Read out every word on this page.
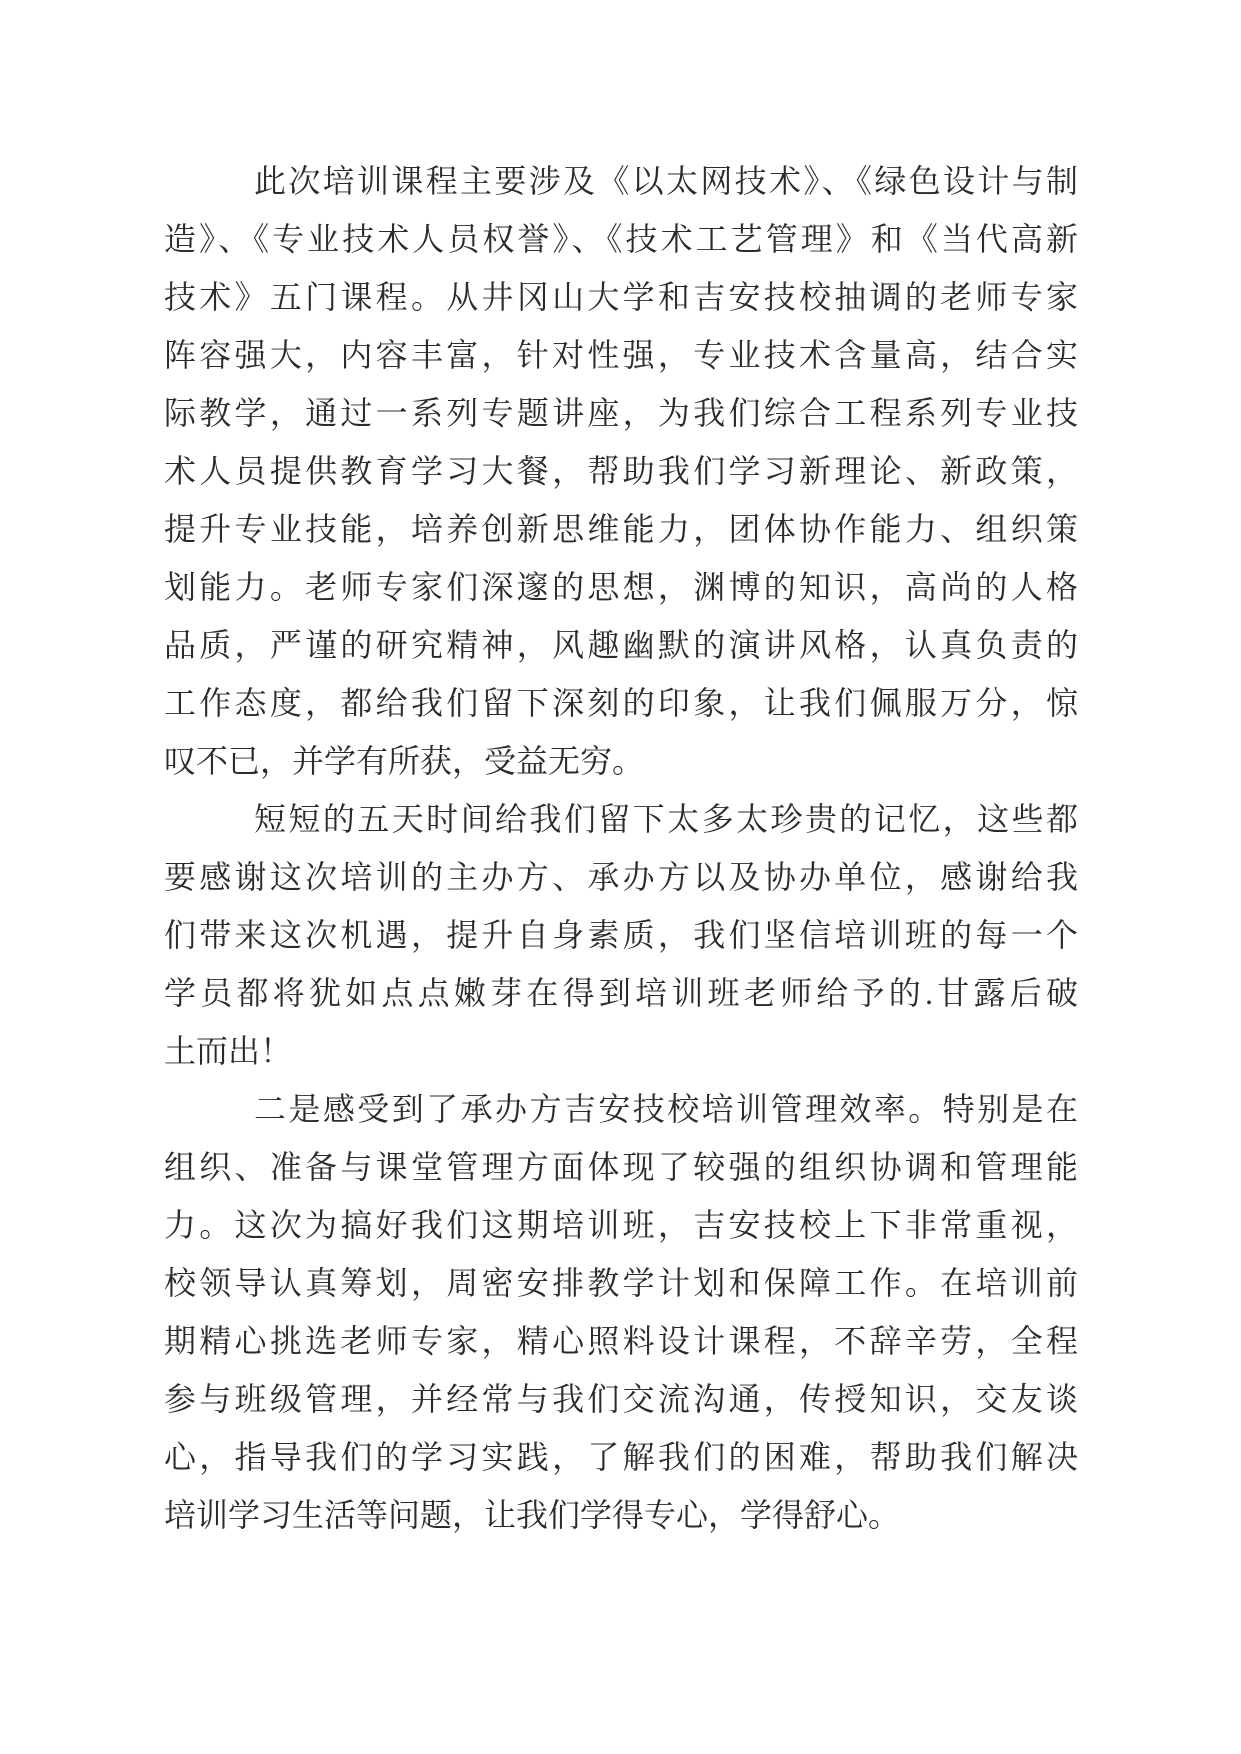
此次培训课程主要涉及《以太网技术》、《绿色设计与制
造》、《专业技术人员权誉》、《技术工艺管理》和《当代高新
技术》五门课程。从井冈山大学和吉安技校抽调的老师专家
阵容强大，内容丰富，针对性强，专业技术含量高，结合实
际教学，通过一系列专题讲座，为我们综合工程系列专业技
术人员提供教育学习大餐，帮助我们学习新理论、新政策，
提升专业技能，培养创新思维能力，团体协作能力、组织策
划能力。老师专家们深邃的思想，渊博的知识，高尚的人格
品质，严谨的研究精神，风趣幽默的演讲风格，认真负责的
工作态度，都给我们留下深刻的印象，让我们佩服万分，惊
叹不已，并学有所获，受益无穷。
短短的五天时间给我们留下太多太珍贵的记忆，这些都
要感谢这次培训的主办方、承办方以及协办单位，感谢给我
们带来这次机遇，提升自身素质，我们坚信培训班的每一个
学员都将犹如点点嫩芽在得到培训班老师给予的.甘露后破
土而出！
二是感受到了承办方吉安技校培训管理效率。特别是在
组织、准备与课堂管理方面体现了较强的组织协调和管理能
力。这次为搞好我们这期培训班，吉安技校上下非常重视，
校领导认真筹划，周密安排教学计划和保障工作。在培训前
期精心挑选老师专家，精心照料设计课程，不辞辛劳，全程
参与班级管理，并经常与我们交流沟通，传授知识，交友谈
心，指导我们的学习实践，了解我们的困难，帮助我们解决
培训学习生活等问题，让我们学得专心，学得舒心。
